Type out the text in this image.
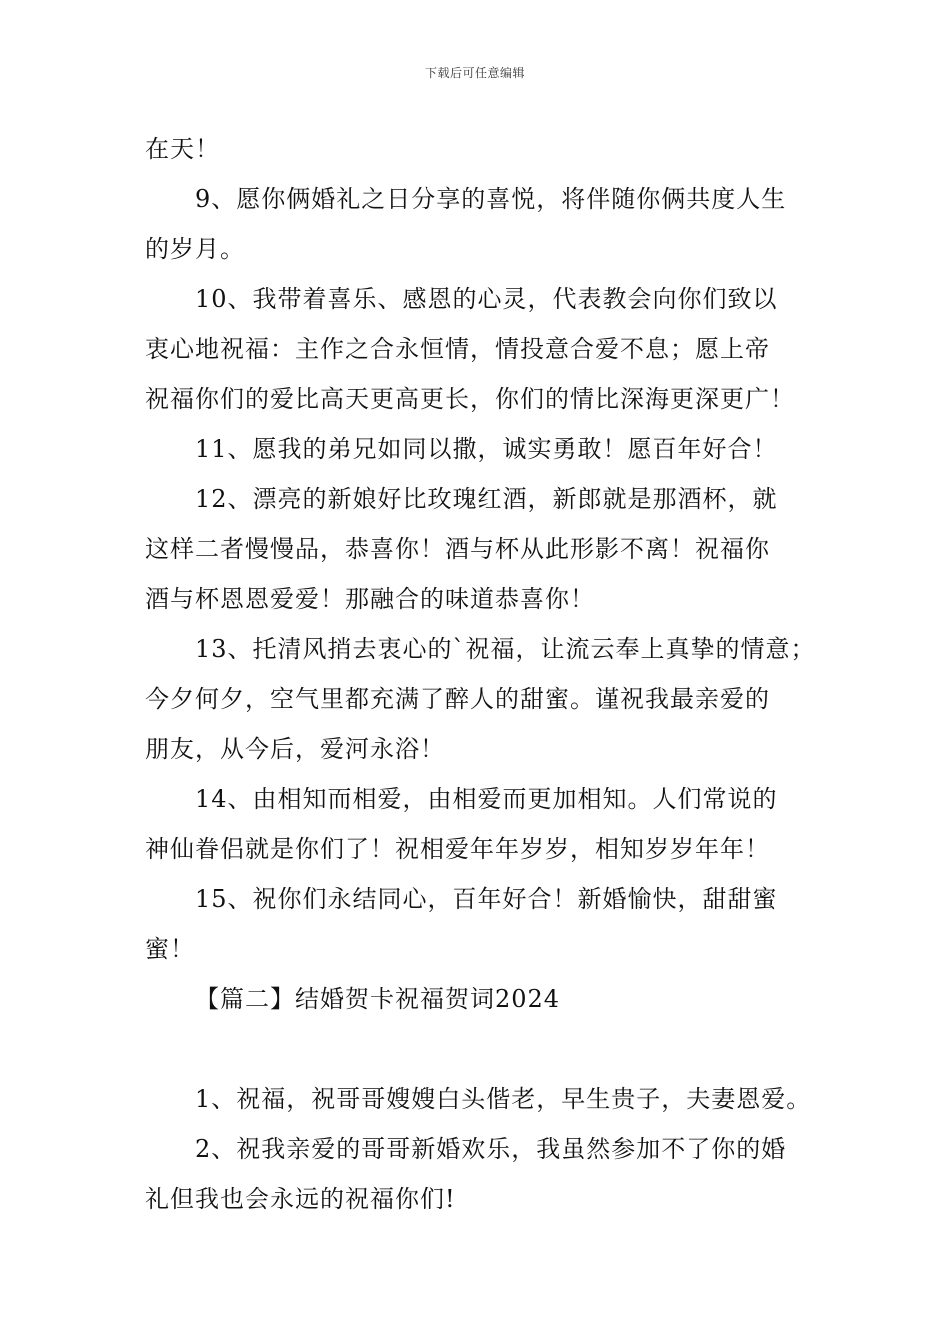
下载后可任意编辑
在天！
9、愿你俩婚礼之日分享的喜悦，将伴随你俩共度人生
的岁月。
10、我带着喜乐、感恩的心灵，代表教会向你们致以
衷心地祝福：主作之合永恒情，情投意合爱不息；愿上帝
祝福你们的爱比高天更高更长，你们的情比深海更深更广！
11、愿我的弟兄如同以撒，诚实勇敢！愿百年好合！
12、漂亮的新娘好比玫瑰红酒，新郎就是那酒杯，就
这样二者慢慢品，恭喜你！酒与杯从此形影不离！祝福你
酒与杯恩恩爱爱！那融合的味道恭喜你！
13、托清风捎去衷心的`祝福，让流云奉上真挚的情意；
今夕何夕，空气里都充满了醉人的甜蜜。谨祝我最亲爱的
朋友，从今后，爱河永浴！
14、由相知而相爱，由相爱而更加相知。人们常说的
神仙眷侣就是你们了！祝相爱年年岁岁，相知岁岁年年！
15、祝你们永结同心，百年好合！新婚愉快，甜甜蜜
蜜！
【篇二】结婚贺卡祝福贺词2024
1、祝福，祝哥哥嫂嫂白头偕老，早生贵子，夫妻恩爱。
2、祝我亲爱的哥哥新婚欢乐，我虽然参加不了你的婚
礼但我也会永远的祝福你们!
